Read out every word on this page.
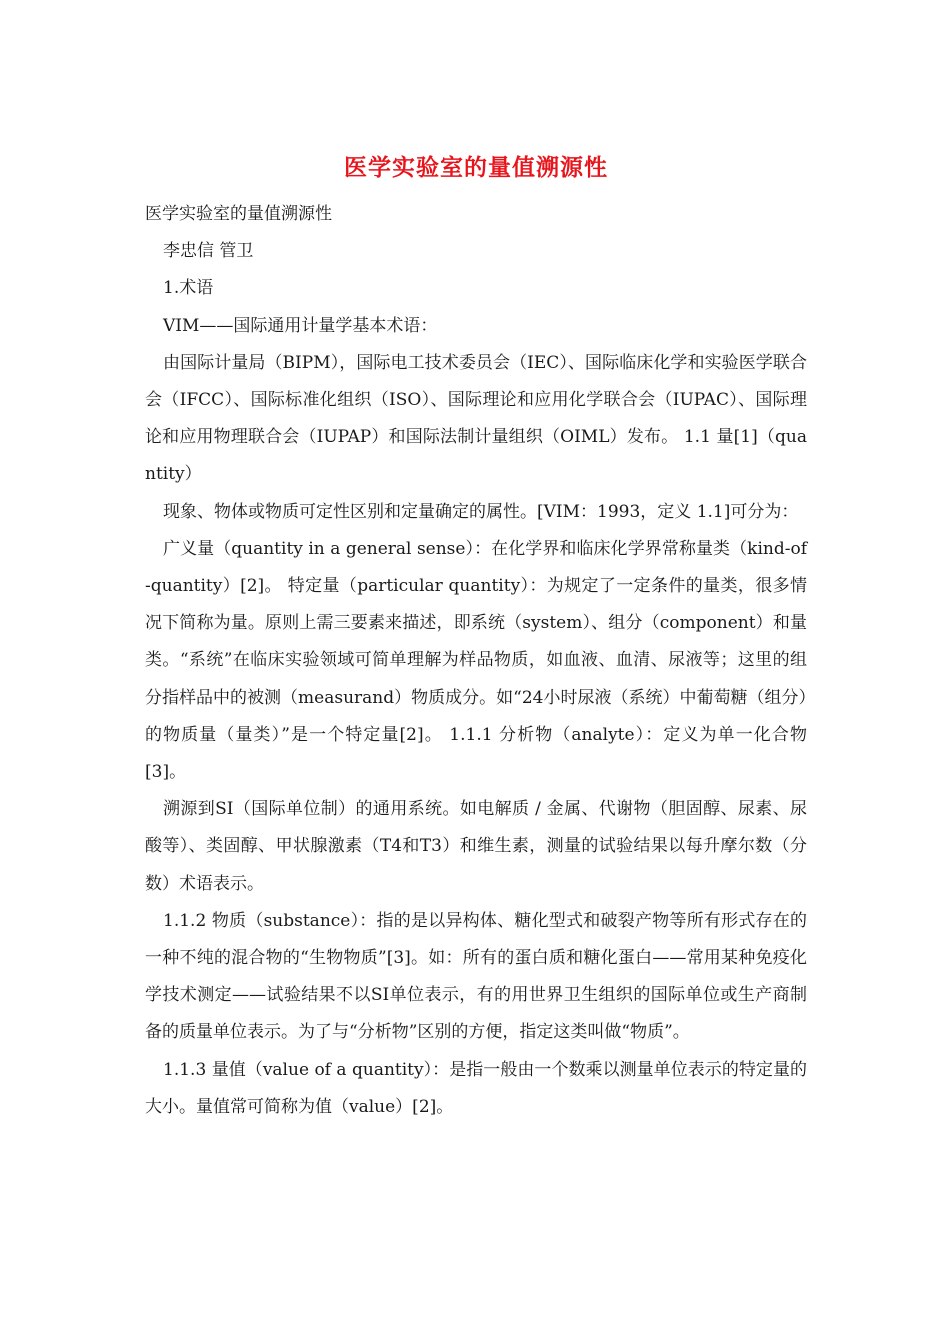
医学实验室的量值溯源性

医学实验室的量值溯源性

李忠信 管卫

1.术语

VIM——国际通用计量学基本术语：

由国际计量局（BIPM），国际电工技术委员会（IEC）、国际临床化学和实验医学联合会（IFCC）、国际标准化组织（ISO）、国际理论和应用化学联合会（IUPAC）、国际理论和应用物理联合会（IUPAP）和国际法制计量组织（OIML）发布。 1.1 量[1]（quantity）

现象、物体或物质可定性区别和定量确定的属性。[VIM：1993，定义 1.1]可分为：

广义量（quantity in a general sense）：在化学界和临床化学界常称量类（kind-of-quantity）[2]。 特定量（particular quantity）：为规定了一定条件的量类，很多情况下简称为量。原则上需三要素来描述，即系统（system）、组分（component）和量类。“系统”在临床实验领域可简单理解为样品物质，如血液、血清、尿液等；这里的组分指样品中的被测（measurand）物质成分。如“24小时尿液（系统）中葡萄糖（组分）的物质量（量类）”是一个特定量[2]。 1.1.1 分析物（analyte）：定义为单一化合物[3]。

溯源到SI（国际单位制）的通用系统。如电解质 / 金属、代谢物（胆固醇、尿素、尿酸等）、类固醇、甲状腺激素（T4和T3）和维生素，测量的试验结果以每升摩尔数（分数）术语表示。

1.1.2 物质（substance）：指的是以异构体、糖化型式和破裂产物等所有形式存在的一种不纯的混合物的“生物物质”[3]。如：所有的蛋白质和糖化蛋白——常用某种免疫化学技术测定——试验结果不以SI单位表示，有的用世界卫生组织的国际单位或生产商制备的质量单位表示。为了与“分析物”区别的方便，指定这类叫做“物质”。

1.1.3 量值（value of a quantity）：是指一般由一个数乘以测量单位表示的特定量的大小。量值常可简称为值（value）[2]。
